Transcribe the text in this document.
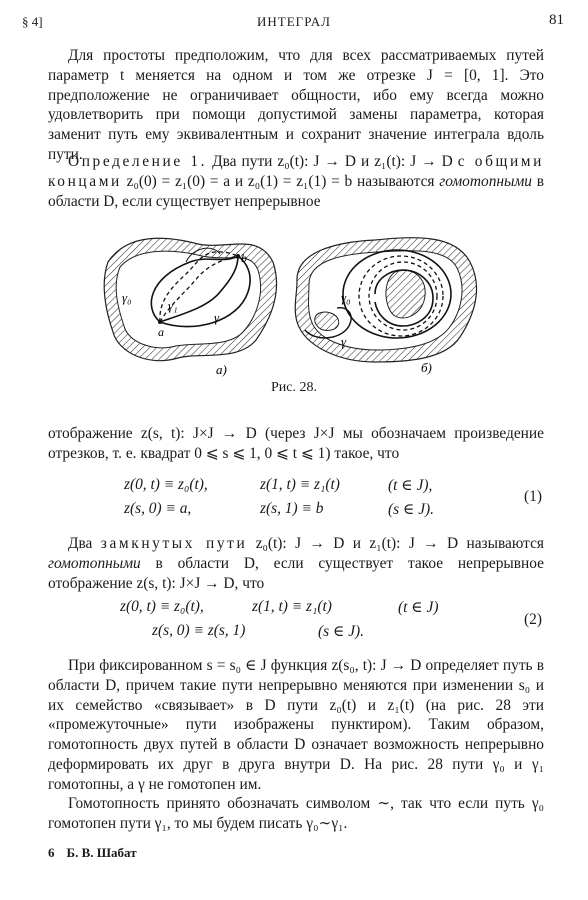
§ 4]	ИНТЕГРАЛ	81

Для простоты предположим, что для всех рассматриваемых путей параметр t меняется на одном и том же отрезке J = [0, 1]. Это предположение не ограничивает общности, ибо ему всегда можно удовлетворить при помощи допустимой замены параметра, которая заменит путь ему эквивалентным и сохранит значение интеграла вдоль пути.

Определение 1. Два пути z₀(t): J → D и z₁(t): J → D с общими концами z₀(0) = z₁(0) = a и z₀(1) = z₁(1) = b называются гомотопными в области D, если существует непрерывное

b
a
γ₀
γ₁
γ
а)
γ₀
γ
б)
Рис. 28.

отображение z(s, t): J×J → D (через J×J мы обозначаем произведение отрезков, т. е. квадрат 0 ⩽ s ⩽ 1, 0 ⩽ t ⩽ 1) такое, что

z(0, t) ≡ z₀(t),	z(1, t) ≡ z₁(t)	(t ∈ J),
z(s, 0) ≡ a,	z(s, 1) ≡ b	(s ∈ J).
(1)

Два замкнутых пути z₀(t): J → D и z₁(t): J → D называются гомотопными в области D, если существует такое непрерывное отображение z(s, t): J×J → D, что

z(0, t) ≡ z₀(t),	z(1, t) ≡ z₁(t)	(t ∈ J)
z(s, 0) ≡ z(s, 1)	(s ∈ J).
(2)

При фиксированном s = s₀ ∈ J функция z(s₀, t): J → D определяет путь в области D, причем такие пути непрерывно меняются при изменении s₀ и их семейство «связывает» в D пути z₀(t) и z₁(t) (на рис. 28 эти «промежуточные» пути изображены пунктиром). Таким образом, гомотопность двух путей в области D означает возможность непрерывно деформировать их друг в друга внутри D. На рис. 28 пути γ₀ и γ₁ гомотопны, а γ не гомотопен им.

Гомотопность принято обозначать символом ∼, так что если путь γ₀ гомотопен пути γ₁, то мы будем писать γ₀∼γ₁.

6 Б. В. Шабат
